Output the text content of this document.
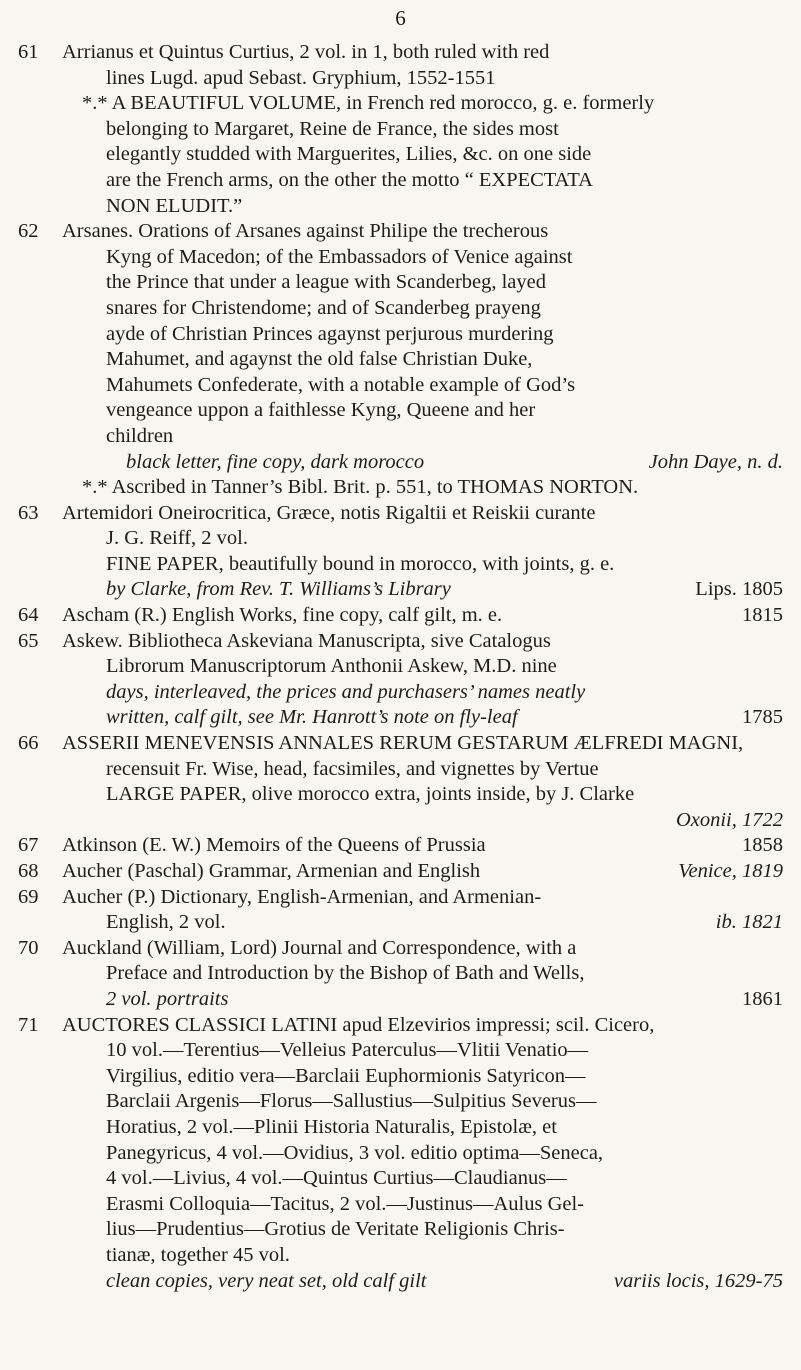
6
61	Arrianus et Quintus Curtius, 2 vol. in 1, both ruled with red
lines Lugd. apud Sebast. Gryphium, 1552-1551
*.* A BEAUTIFUL VOLUME, in French red morocco, g. e. formerly
belonging to Margaret, Reine de France, the sides most
elegantly studded with Marguerites, Lilies, &c. on one side
are the French arms, on the other the motto “ EXPECTATA
NON ELUDIT.”
62	Arsanes. Orations of Arsanes against Philipe the trecherous
Kyng of Macedon; of the Embassadors of Venice against
the Prince that under a league with Scanderbeg, layed
snares for Christendome; and of Scanderbeg prayeng
ayde of Christian Princes agaynst perjurous murdering
Mahumet, and agaynst the old false Christian Duke,
Mahumets Confederate, with a notable example of God’s
vengeance uppon a faithlesse Kyng, Queene and her
children
black letter, fine copy, dark morocco	John Daye, n. d.
*.* Ascribed in Tanner’s Bibl. Brit. p. 551, to THOMAS NORTON.
63	Artemidori Oneirocritica, Græce, notis Rigaltii et Reiskii curante
J. G. Reiff, 2 vol.
FINE PAPER, beautifully bound in morocco, with joints, g. e.
by Clarke, from Rev. T. Williams’s Library	Lips. 1805
64	Ascham (R.) English Works, fine copy, calf gilt, m. e.	1815
65	Askew. Bibliotheca Askeviana Manuscripta, sive Catalogus
Librorum Manuscriptorum Anthonii Askew, M.D. nine
days, interleaved, the prices and purchasers’ names neatly
written, calf gilt, see Mr. Hanrott’s note on fly-leaf	1785
66	ASSERII MENEVENSIS ANNALES RERUM GESTARUM ÆLFREDI MAGNI,
recensuit Fr. Wise, head, facsimiles, and vignettes by Vertue
LARGE PAPER, olive morocco extra, joints inside, by J. Clarke
Oxonii, 1722
67	Atkinson (E. W.) Memoirs of the Queens of Prussia	1858
68	Aucher (Paschal) Grammar, Armenian and English	Venice, 1819
69	Aucher (P.) Dictionary, English-Armenian, and Armenian-
English, 2 vol.	ib. 1821
70	Auckland (William, Lord) Journal and Correspondence, with a
Preface and Introduction by the Bishop of Bath and Wells,
2 vol. portraits	1861
71	AUCTORES CLASSICI LATINI apud Elzevirios impressi; scil. Cicero,
10 vol.—Terentius—Velleius Paterculus—Vlitii Venatio—
Virgilius, editio vera—Barclaii Euphormionis Satyricon—
Barclaii Argenis—Florus—Sallustius—Sulpitius Severus—
Horatius, 2 vol.—Plinii Historia Naturalis, Epistolæ, et
Panegyricus, 4 vol.—Ovidius, 3 vol. editio optima—Seneca,
4 vol.—Livius, 4 vol.—Quintus Curtius—Claudianus—
Erasmi Colloquia—Tacitus, 2 vol.—Justinus—Aulus Gel-
lius—Prudentius—Grotius de Veritate Religionis Chris-
tianæ, together 45 vol.
clean copies, very neat set, old calf gilt	variis locis, 1629-75
